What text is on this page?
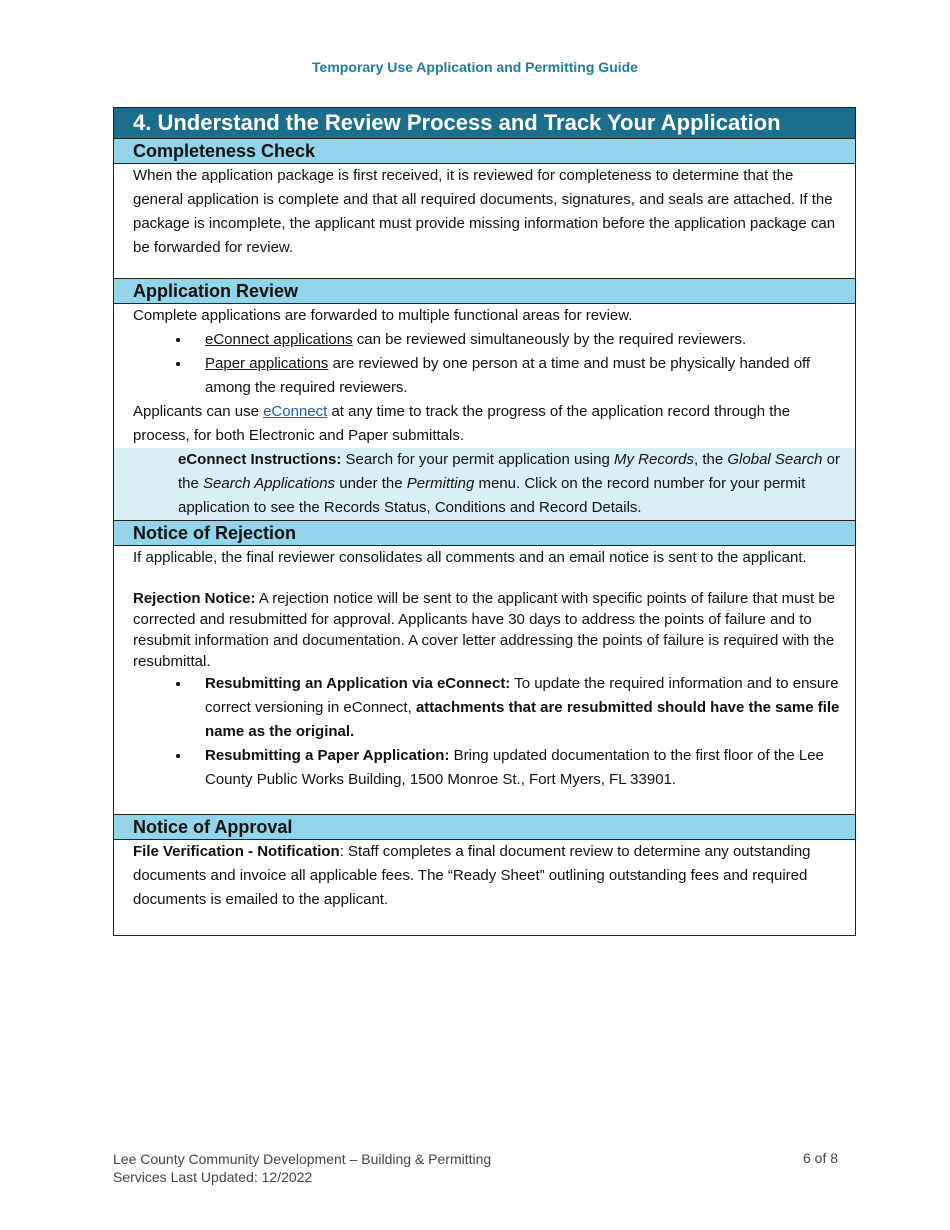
Temporary Use Application and Permitting Guide
4. Understand the Review Process and Track Your Application
Completeness Check

When the application package is first received, it is reviewed for completeness to determine that the general application is complete and that all required documents, signatures, and seals are attached. If the package is incomplete, the applicant must provide missing information before the application package can be forwarded for review.

Application Review

Complete applications are forwarded to multiple functional areas for review.

• eConnect applications can be reviewed simultaneously by the required reviewers.
• Paper applications are reviewed by one person at a time and must be physically handed off among the required reviewers.

Applicants can use eConnect at any time to track the progress of the application record through the process, for both Electronic and Paper submittals.

eConnect Instructions: Search for your permit application using My Records, the Global Search or the Search Applications under the Permitting menu. Click on the record number for your permit application to see the Records Status, Conditions and Record Details.
Notice of Rejection

If applicable, the final reviewer consolidates all comments and an email notice is sent to the applicant.

Rejection Notice: A rejection notice will be sent to the applicant with specific points of failure that must be corrected and resubmitted for approval. Applicants have 30 days to address the points of failure and to resubmit information and documentation. A cover letter addressing the points of failure is required with the resubmittal.

• Resubmitting an Application via eConnect: To update the required information and to ensure correct versioning in eConnect, attachments that are resubmitted should have the same file name as the original.
• Resubmitting a Paper Application: Bring updated documentation to the first floor of the Lee County Public Works Building, 1500 Monroe St., Fort Myers, FL 33901.
Notice of Approval

File Verification - Notification: Staff completes a final document review to determine any outstanding documents and invoice all applicable fees. The “Ready Sheet” outlining outstanding fees and required documents is emailed to the applicant.

Lee County Community Development – Building & Permitting
Services Last Updated: 12/2022
6 of 8
